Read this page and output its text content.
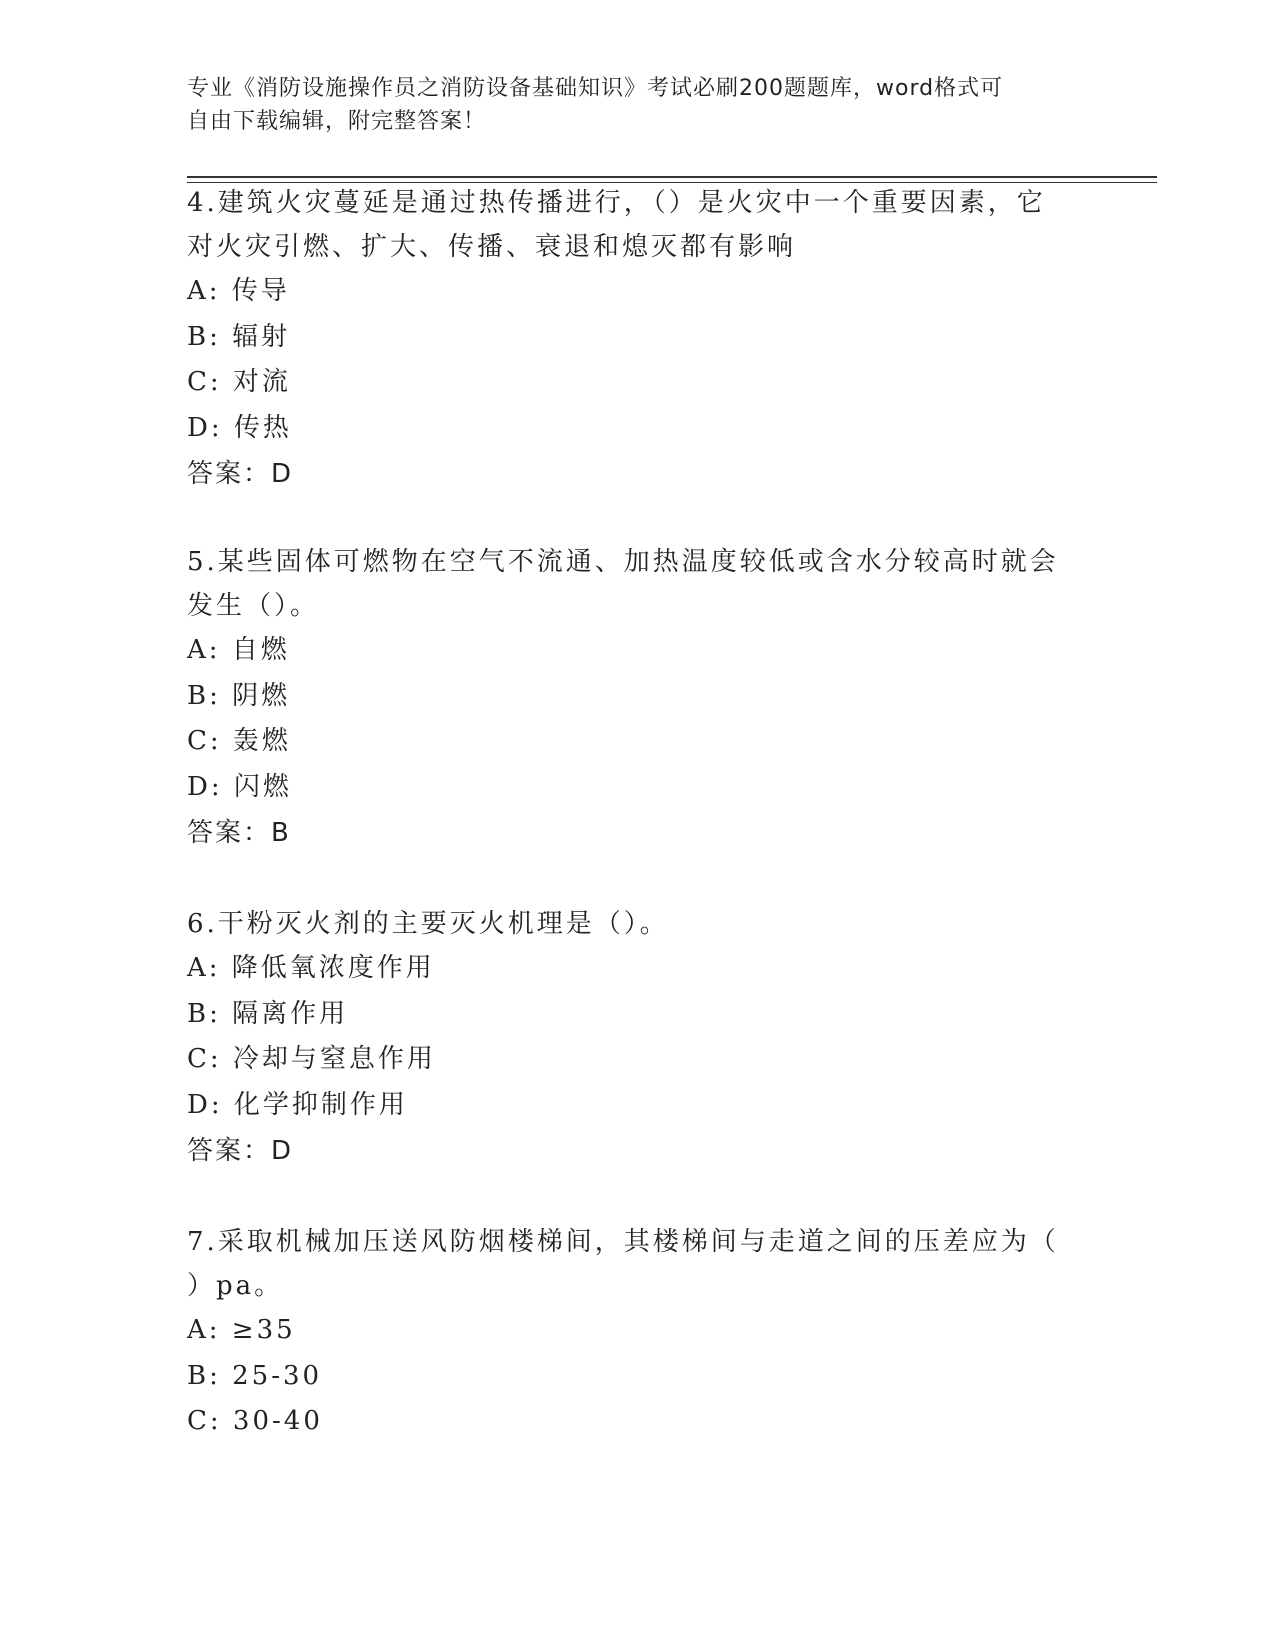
专业《消防设施操作员之消防设备基础知识》考试必刷200题题库，word格式可
自由下载编辑，附完整答案！

4.建筑火灾蔓延是通过热传播进行，（）是火灾中一个重要因素，它

对火灾引燃、扩大、传播、衰退和熄灭都有影响

A: 传导

B: 辐射

C: 对流

D: 传热

答案：D

5.某些固体可燃物在空气不流通、加热温度较低或含水分较高时就会

发生（）。

A: 自燃

B: 阴燃

C: 轰燃

D: 闪燃

答案：B

6.干粉灭火剂的主要灭火机理是（）。

A: 降低氧浓度作用

B: 隔离作用

C: 冷却与窒息作用

D: 化学抑制作用

答案：D

7.采取机械加压送风防烟楼梯间，其楼梯间与走道之间的压差应为（

）pa。

A: ≥35

B: 25-30

C: 30-40
